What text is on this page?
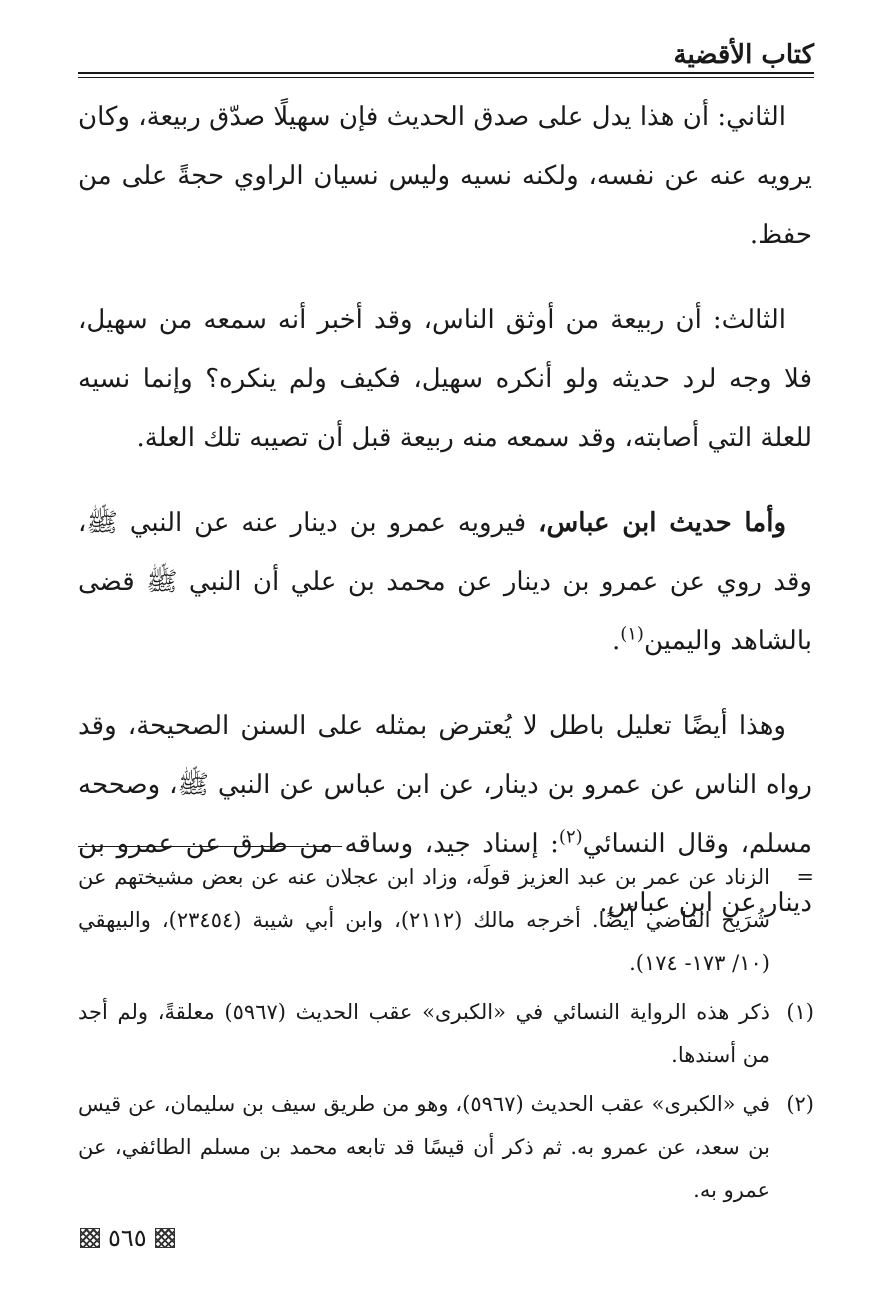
كتاب الأقضية

الثاني: أن هذا يدل على صدق الحديث فإن سهيلًا صدّق ربيعة، وكان يرويه عنه عن نفسه، ولكنه نسيه وليس نسيان الراوي حجةً على من حفظ.

الثالث: أن ربيعة من أوثق الناس، وقد أخبر أنه سمعه من سهيل، فلا وجه لرد حديثه ولو أنكره سهيل، فكيف ولم ينكره؟ وإنما نسيه للعلة التي أصابته، وقد سمعه منه ربيعة قبل أن تصيبه تلك العلة.

وأما حديث ابن عباس، فيرويه عمرو بن دينار عنه عن النبي ﷺ، وقد روي عن عمرو بن دينار عن محمد بن علي أن النبي ﷺ قضى بالشاهد واليمين$^{(١)}$.

وهذا أيضًا تعليل باطل لا يُعترض بمثله على السنن الصحيحة، وقد رواه الناس عن عمرو بن دينار، عن ابن عباس عن النبي ﷺ، وصححه مسلم، وقال النسائي$^{(٢)}$: إسناد جيد، وساقه من طرق عن عمرو بن دينار عن ابن عباس.

=
الزناد عن عمر بن عبد العزيز قولَه، وزاد ابن عجلان عنه عن بعض مشيختهم عن شُرَيح القاضي أيضًا. أخرجه مالك (٢١١٢)، وابن أبي شيبة (٢٣٤٥٤)، والبيهقي (١٠/ ١٧٣- ١٧٤).
(١)
ذكر هذه الرواية النسائي في «الكبرى» عقب الحديث (٥٩٦٧) معلقةً، ولم أجد من أسندها.
(٢)
في «الكبرى» عقب الحديث (٥٩٦٧)، وهو من طريق سيف بن سليمان، عن قيس بن سعد، عن عمرو به. ثم ذكر أن قيسًا قد تابعه محمد بن مسلم الطائفي، عن عمرو به.
٥٦٥
